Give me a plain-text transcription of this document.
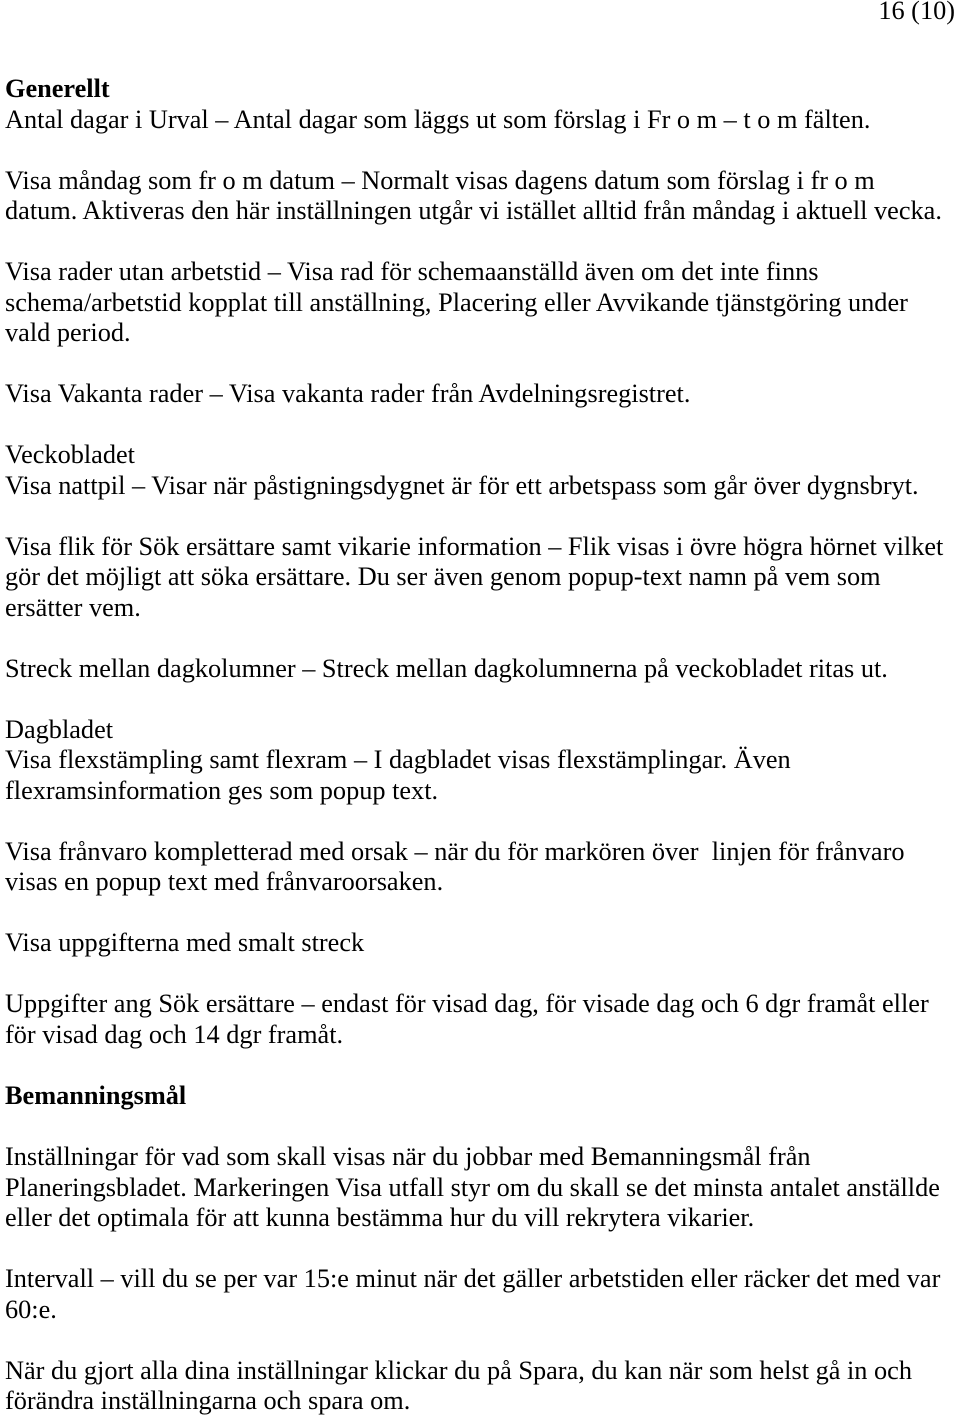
16 (10)
Generellt
Antal dagar i Urval – Antal dagar som läggs ut som förslag i Fr o m – t o m fälten.
Visa måndag som fr o m datum – Normalt visas dagens datum som förslag i fr o m
datum. Aktiveras den här inställningen utgår vi istället alltid från måndag i aktuell vecka.
Visa rader utan arbetstid – Visa rad för schemaanställd även om det inte finns
schema/arbetstid kopplat till anställning, Placering eller Avvikande tjänstgöring under
vald period.
Visa Vakanta rader – Visa vakanta rader från Avdelningsregistret.
Veckobladet
Visa nattpil – Visar när påstigningsdygnet är för ett arbetspass som går över dygnsbryt.
Visa flik för Sök ersättare samt vikarie information – Flik visas i övre högra hörnet vilket
gör det möjligt att söka ersättare. Du ser även genom popup-text namn på vem som
ersätter vem.
Streck mellan dagkolumner – Streck mellan dagkolumnerna på veckobladet ritas ut.
Dagbladet
Visa flexstämpling samt flexram – I dagbladet visas flexstämplingar. Även
flexramsinformation ges som popup text.
Visa frånvaro kompletterad med orsak – när du för markören över  linjen för frånvaro
visas en popup text med frånvaroorsaken.
Visa uppgifterna med smalt streck
Uppgifter ang Sök ersättare – endast för visad dag, för visade dag och 6 dgr framåt eller
för visad dag och 14 dgr framåt.
Bemanningsmål
Inställningar för vad som skall visas när du jobbar med Bemanningsmål från
Planeringsbladet. Markeringen Visa utfall styr om du skall se det minsta antalet anställde
eller det optimala för att kunna bestämma hur du vill rekrytera vikarier.
Intervall – vill du se per var 15:e minut när det gäller arbetstiden eller räcker det med var
60:e.
När du gjort alla dina inställningar klickar du på Spara, du kan när som helst gå in och
förändra inställningarna och spara om.
